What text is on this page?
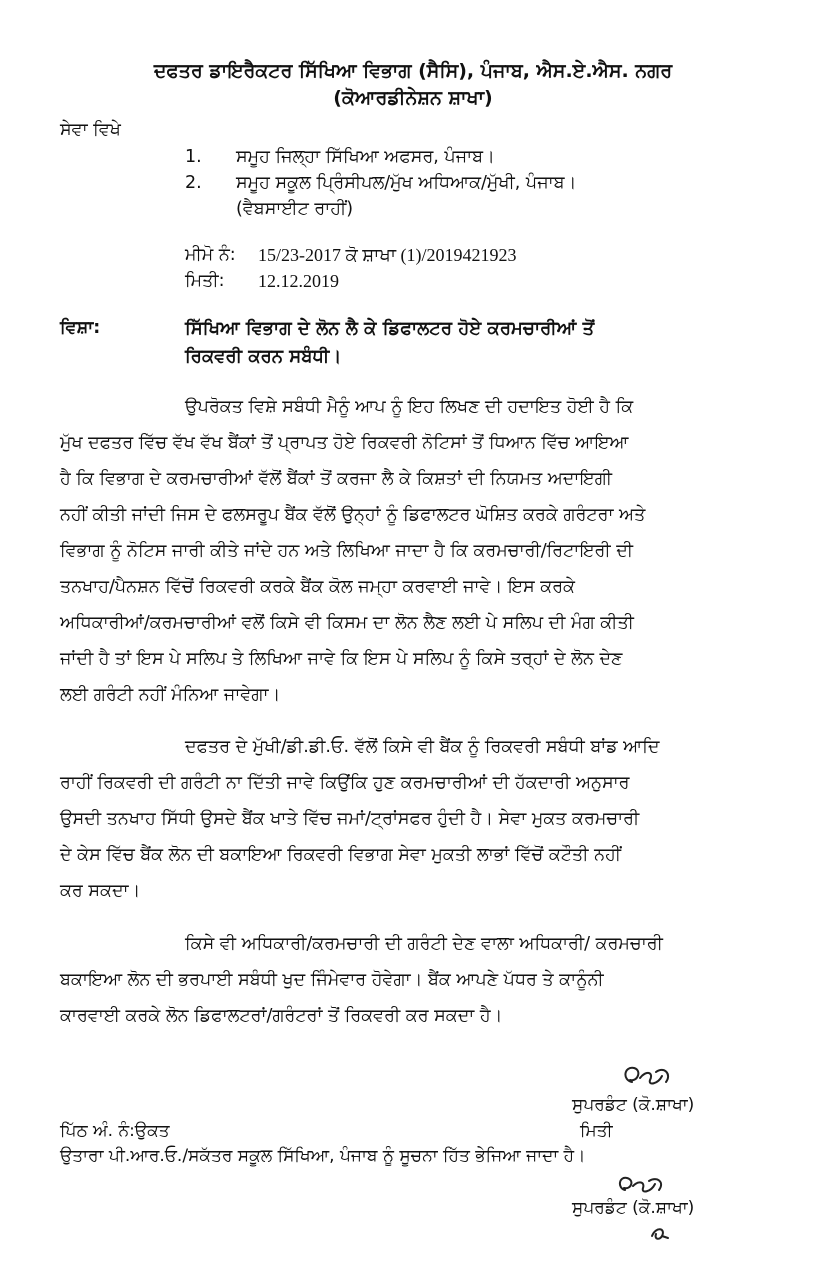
ਦਫਤਰ ਡਾਇਰੈਕਟਰ ਸਿੱਖਿਆ ਵਿਭਾਗ (ਸੈਸਿ), ਪੰਜਾਬ, ਐਸ.ਏ.ਐਸ. ਨਗਰ
(ਕੋਆਰਡੀਨੇਸ਼ਨ ਸ਼ਾਖਾ)
ਸੇਵਾ ਵਿਖੇ
1. ਸਮੂਹ ਜਿਲ੍ਹਾ ਸਿੱਖਿਆ ਅਫਸਰ, ਪੰਜਾਬ।
2. ਸਮੂਹ ਸਕੂਲ ਪ੍ਰਿੰਸੀਪਲ/ਮੁੱਖ ਅਧਿਆਕ/ਮੁੱਖੀ, ਪੰਜਾਬ।
(ਵੈਬਸਾਈਟ ਰਾਹੀਂ)
ਮੀਮੋ ਨੰ: 15/23-2017 ਕੋ ਸ਼ਾਖਾ (1)/2019421923
ਮਿਤੀ: 12.12.2019
ਵਿਸ਼ਾ:	ਸਿੱਖਿਆ ਵਿਭਾਗ ਦੇ ਲੋਨ ਲੈ ਕੇ ਡਿਫਾਲਟਰ ਹੋਏ ਕਰਮਚਾਰੀਆਂ ਤੋਂ
ਰਿਕਵਰੀ ਕਰਨ ਸਬੰਧੀ।
ਉਪਰੋਕਤ ਵਿਸ਼ੇ ਸਬੰਧੀ ਮੈਨੂੰ ਆਪ ਨੂੰ ਇਹ ਲਿਖਣ ਦੀ ਹਦਾਇਤ ਹੋਈ ਹੈ ਕਿ
ਮੁੱਖ ਦਫਤਰ ਵਿੱਚ ਵੱਖ ਵੱਖ ਬੈਂਕਾਂ ਤੋਂ ਪ੍ਰਾਪਤ ਹੋਏ ਰਿਕਵਰੀ ਨੋਟਿਸਾਂ ਤੋਂ ਧਿਆਨ ਵਿੱਚ ਆਇਆ
ਹੈ ਕਿ ਵਿਭਾਗ ਦੇ ਕਰਮਚਾਰੀਆਂ ਵੱਲੋਂ ਬੈਂਕਾਂ ਤੋਂ ਕਰਜਾ ਲੈ ਕੇ ਕਿਸ਼ਤਾਂ ਦੀ ਨਿਯਮਤ ਅਦਾਇਗੀ
ਨਹੀਂ ਕੀਤੀ ਜਾਂਦੀ ਜਿਸ ਦੇ ਫਲਸਰੂਪ ਬੈਂਕ ਵੱਲੋਂ ਉਨ੍ਹਾਂ ਨੂੰ ਡਿਫਾਲਟਰ ਘੋਸ਼ਿਤ ਕਰਕੇ ਗਰੰਟਰਾ ਅਤੇ
ਵਿਭਾਗ ਨੂੰ ਨੋਟਿਸ ਜਾਰੀ ਕੀਤੇ ਜਾਂਦੇ ਹਨ ਅਤੇ ਲਿਖਿਆ ਜਾਦਾ ਹੈ ਕਿ ਕਰਮਚਾਰੀ/ਰਿਟਾਇਰੀ ਦੀ
ਤਨਖਾਹ/ਪੈਨਸ਼ਨ ਵਿੱਚੋਂ ਰਿਕਵਰੀ ਕਰਕੇ ਬੈਂਕ ਕੋਲ ਜਮ੍ਹਾ ਕਰਵਾਈ ਜਾਵੇ। ਇਸ ਕਰਕੇ
ਅਧਿਕਾਰੀਆਂ/ਕਰਮਚਾਰੀਆਂ ਵਲੋਂ ਕਿਸੇ ਵੀ ਕਿਸਮ ਦਾ ਲੋਨ ਲੈਣ ਲਈ ਪੇ ਸਲਿਪ ਦੀ ਮੰਗ ਕੀਤੀ
ਜਾਂਦੀ ਹੈ ਤਾਂ ਇਸ ਪੇ ਸਲਿਪ ਤੇ ਲਿਖਿਆ ਜਾਵੇ ਕਿ ਇਸ ਪੇ ਸਲਿਪ ਨੂੰ ਕਿਸੇ ਤਰ੍ਹਾਂ ਦੇ ਲੋਨ ਦੇਣ
ਲਈ ਗਰੰਟੀ ਨਹੀਂ ਮੰਨਿਆ ਜਾਵੇਗਾ।
ਦਫਤਰ ਦੇ ਮੁੱਖੀ/ਡੀ.ਡੀ.ਓ. ਵੱਲੋਂ ਕਿਸੇ ਵੀ ਬੈਂਕ ਨੂੰ ਰਿਕਵਰੀ ਸਬੰਧੀ ਬਾਂਡ ਆਦਿ
ਰਾਹੀਂ ਰਿਕਵਰੀ ਦੀ ਗਰੰਟੀ ਨਾ ਦਿੱਤੀ ਜਾਵੇ ਕਿਉਂਕਿ ਹੁਣ ਕਰਮਚਾਰੀਆਂ ਦੀ ਹੱਕਦਾਰੀ ਅਨੁਸਾਰ
ਉਸਦੀ ਤਨਖਾਹ ਸਿੱਧੀ ਉਸਦੇ ਬੈਂਕ ਖਾਤੇ ਵਿੱਚ ਜਮਾਂ/ਟ੍ਰਾਂਸਫਰ ਹੁੰਦੀ ਹੈ। ਸੇਵਾ ਮੁਕਤ ਕਰਮਚਾਰੀ
ਦੇ ਕੇਸ ਵਿੱਚ ਬੈਂਕ ਲੋਨ ਦੀ ਬਕਾਇਆ ਰਿਕਵਰੀ ਵਿਭਾਗ ਸੇਵਾ ਮੁਕਤੀ ਲਾਭਾਂ ਵਿੱਚੋਂ ਕਟੌਤੀ ਨਹੀਂ
ਕਰ ਸਕਦਾ।
ਕਿਸੇ ਵੀ ਅਧਿਕਾਰੀ/ਕਰਮਚਾਰੀ ਦੀ ਗਰੰਟੀ ਦੇਣ ਵਾਲਾ ਅਧਿਕਾਰੀ/ ਕਰਮਚਾਰੀ
ਬਕਾਇਆ ਲੋਨ ਦੀ ਭਰਪਾਈ ਸਬੰਧੀ ਖੁਦ ਜਿੰਮੇਵਾਰ ਹੋਵੇਗਾ। ਬੈਂਕ ਆਪਣੇ ਪੱਧਰ ਤੇ ਕਾਨੂੰਨੀ
ਕਾਰਵਾਈ ਕਰਕੇ ਲੋਨ ਡਿਫਾਲਟਰਾਂ/ਗਰੰਟਰਾਂ ਤੋਂ ਰਿਕਵਰੀ ਕਰ ਸਕਦਾ ਹੈ।
ਸੁਪਰਡੰਟ (ਕੋ.ਸ਼ਾਖਾ)
ਪਿੱਠ ਅੰ. ਨੰ:ਉਕਤ	ਮਿਤੀ
ਉਤਾਰਾ ਪੀ.ਆਰ.ਓ./ਸਕੱਤਰ ਸਕੂਲ ਸਿੱਖਿਆ, ਪੰਜਾਬ ਨੂੰ ਸੂਚਨਾ ਹਿੱਤ ਭੇਜਿਆ ਜਾਦਾ ਹੈ।
ਸੁਪਰਡੰਟ (ਕੋ.ਸ਼ਾਖਾ)
